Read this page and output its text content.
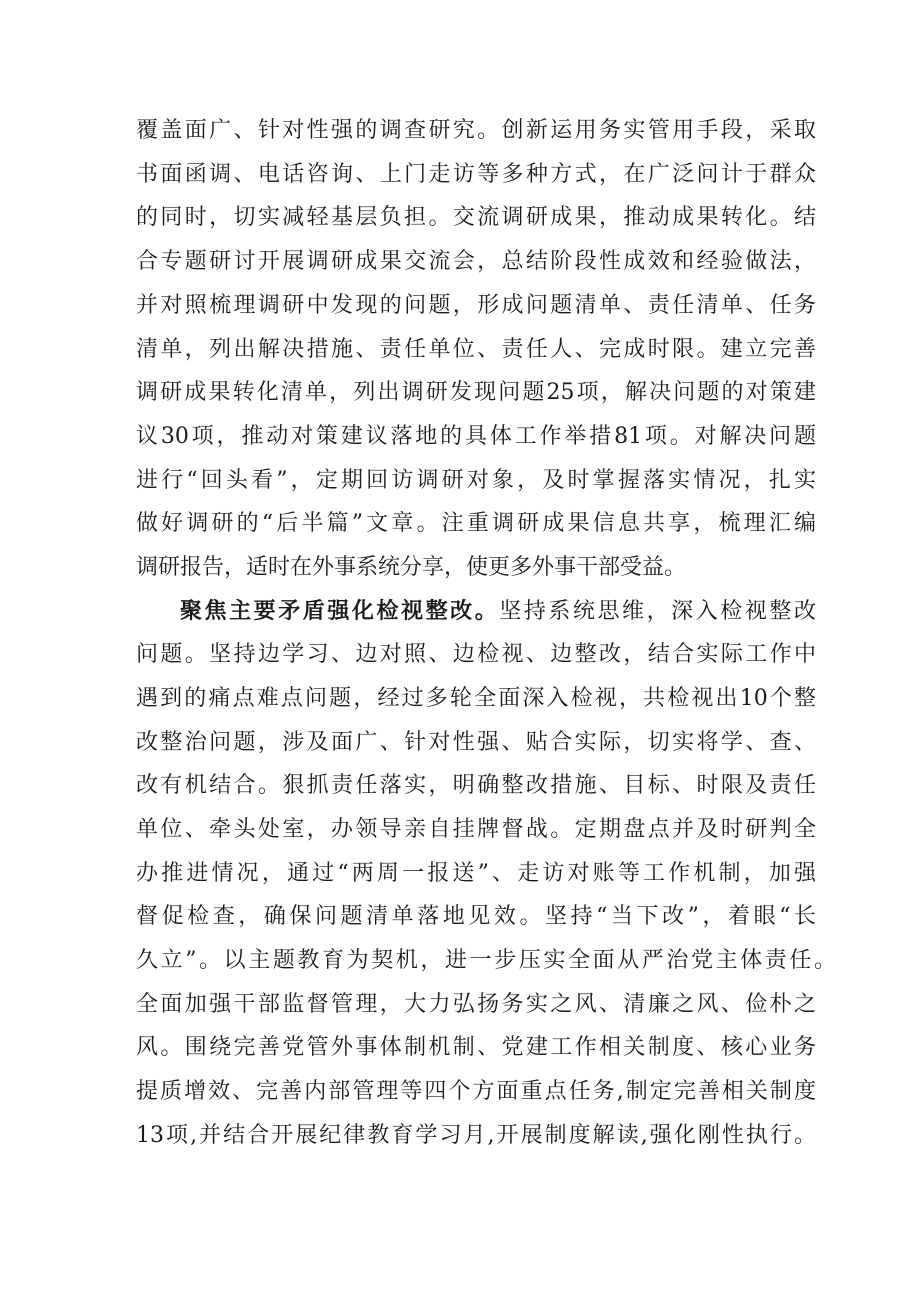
覆盖面广、针对性强的调查研究。创新运用务实管用手段，采取

书面函调、电话咨询、上门走访等多种方式，在广泛问计于群众

的同时，切实减轻基层负担。交流调研成果，推动成果转化。结

合专题研讨开展调研成果交流会，总结阶段性成效和经验做法，

并对照梳理调研中发现的问题，形成问题清单、责任清单、任务

清单，列出解决措施、责任单位、责任人、完成时限。建立完善

调研成果转化清单，列出调研发现问题25项，解决问题的对策建

议30项，推动对策建议落地的具体工作举措81项。对解决问题

进行“回头看”，定期回访调研对象，及时掌握落实情况，扎实

做好调研的“后半篇”文章。注重调研成果信息共享，梳理汇编

调研报告，适时在外事系统分享，使更多外事干部受益。

聚焦主要矛盾强化检视整改。坚持系统思维，深入检视整改

问题。坚持边学习、边对照、边检视、边整改，结合实际工作中

遇到的痛点难点问题，经过多轮全面深入检视，共检视出10个整

改整治问题，涉及面广、针对性强、贴合实际，切实将学、查、

改有机结合。狠抓责任落实，明确整改措施、目标、时限及责任

单位、牵头处室，办领导亲自挂牌督战。定期盘点并及时研判全

办推进情况，通过“两周一报送”、走访对账等工作机制，加强

督促检查，确保问题清单落地见效。坚持“当下改”，着眼“长

久立”。以主题教育为契机，进一步压实全面从严治党主体责任。

全面加强干部监督管理，大力弘扬务实之风、清廉之风、俭朴之

风。围绕完善党管外事体制机制、党建工作相关制度、核心业务

提质增效、完善内部管理等四个方面重点任务,制定完善相关制度

13项,并结合开展纪律教育学习月,开展制度解读,强化刚性执行。
